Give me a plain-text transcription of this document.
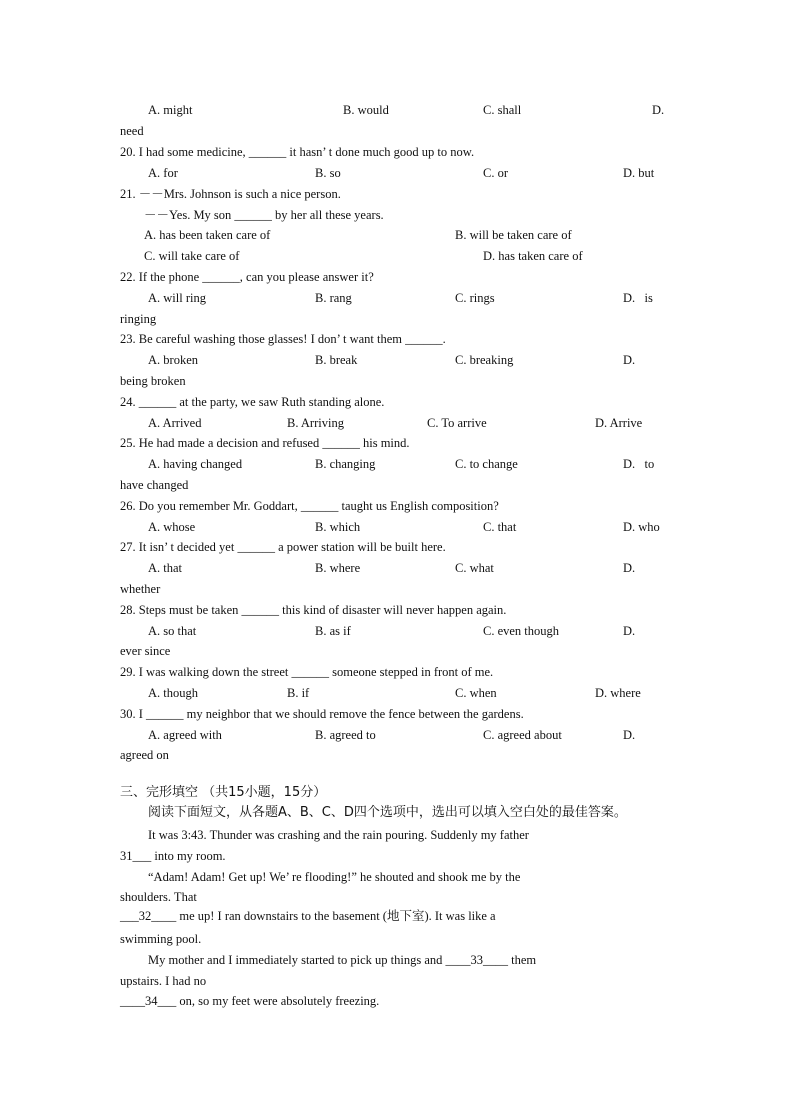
A. might	B. would	C. shall	D.
need
20. I had some medicine, ______ it hasn’ t done much good up to now.
A. for	B. so	C. or	D. but
21. －－Mrs. Johnson is such a nice person.
－－Yes. My son ______ by her all these years.
A. has been taken care of	B. will be taken care of
C. will take care of	D. has taken care of
22. If the phone ______, can you please answer it?
A. will ring	B. rang	C. rings	D.   is
ringing
23. Be careful washing those glasses! I don’ t want them ______.
A. broken	B. break	C. breaking	D.
being broken
24. ______ at the party, we saw Ruth standing alone.
A. Arrived	B. Arriving	C. To arrive	D. Arrive
25. He had made a decision and refused ______ his mind.
A. having changed	B. changing	C. to change	D.   to
have changed
26. Do you remember Mr. Goddart, ______ taught us English composition?
A. whose	B. which	C. that	D. who
27. It isn’ t decided yet ______ a power station will be built here.
A. that	B. where	C. what	D.
whether
28. Steps must be taken ______ this kind of disaster will never happen again.
A. so that	B. as if	C. even though	D.
ever since
29. I was walking down the street ______ someone stepped in front of me.
A. though	B. if	C. when	D. where
30. I ______ my neighbor that we should remove the fence between the gardens.
A. agreed with	B. agreed to	C. agreed about	D.
agreed on
三、完形填空 （共15小题，15分）
阅读下面短文，从各题A、B、C、D四个选项中，选出可以填入空白处的最佳答案。
It was 3:43. Thunder was crashing and the rain pouring. Suddenly my father
31___ into my room.
“Adam! Adam! Get up! We’ re flooding!” he shouted and shook me by the
shoulders. That
___32____ me up! I ran downstairs to the basement (地下室). It was like a
swimming pool.
My mother and I immediately started to pick up things and ____33____ them
upstairs. I had no
____34___ on, so my feet were absolutely freezing.
